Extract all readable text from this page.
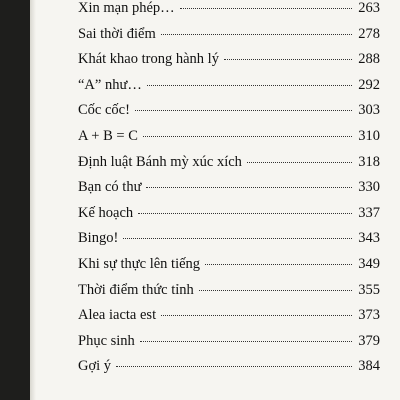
Xin mạn phép…	263
Sai thời điểm	278
Khát khao trong hành lý	288
“A” như…	292
Cốc cốc!	303
A + B = C	310
Định luật Bánh mỳ xúc xích	318
Bạn có thư	330
Kế hoạch	337
Bingo!	343
Khi sự thực lên tiếng	349
Thời điểm thức tỉnh	355
Alea iacta est	373
Phục sinh	379
Gợi ý	384
